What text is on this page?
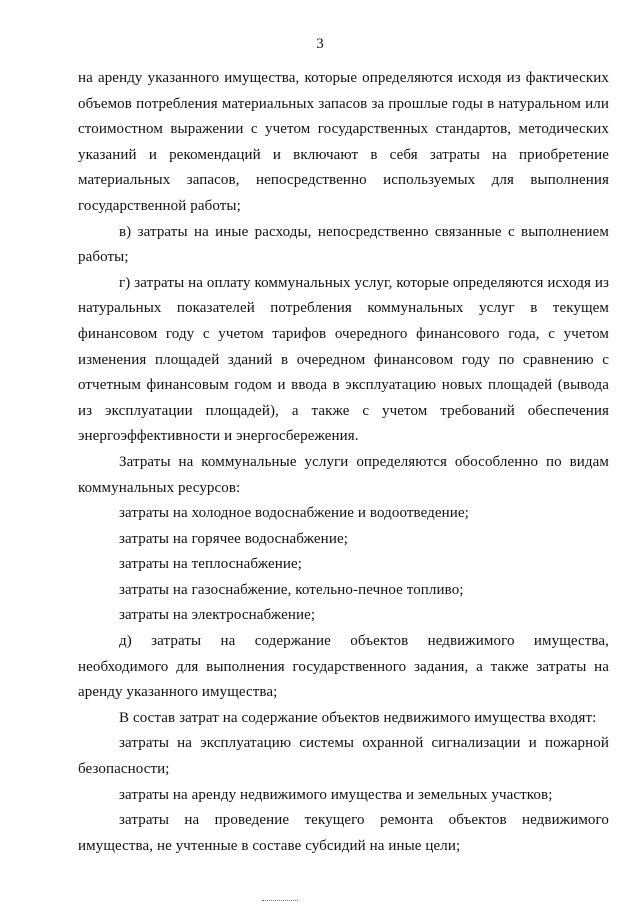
3

на аренду указанного имущества, которые определяются исходя из фактических объемов потребления материальных запасов за прошлые годы в натуральном или стоимостном выражении с учетом государственных стандартов, методических указаний и рекомендаций и включают в себя затраты на приобретение материальных запасов, непосредственно используемых для выполнения государственной работы;

в) затраты на иные расходы, непосредственно связанные с выполнением работы;

г) затраты на оплату коммунальных услуг, которые определяются исходя из натуральных показателей потребления коммунальных услуг в текущем финансовом году с учетом тарифов очередного финансового года, с учетом изменения площадей зданий в очередном финансовом году по сравнению с отчетным финансовым годом и ввода в эксплуатацию новых площадей (вывода из эксплуатации площадей), а также с учетом требований обеспечения энергоэффективности и энергосбережения.

Затраты на коммунальные услуги определяются обособленно по видам коммунальных ресурсов:

затраты на холодное водоснабжение и водоотведение;

затраты на горячее водоснабжение;

затраты на теплоснабжение;

затраты на газоснабжение, котельно-печное топливо;

затраты на электроснабжение;

д) затраты на содержание объектов недвижимого имущества, необходимого для выполнения государственного задания, а также затраты на аренду указанного имущества;

В состав затрат на содержание объектов недвижимого имущества входят:

затраты на эксплуатацию системы охранной сигнализации и пожарной безопасности;

затраты на аренду недвижимого имущества и земельных участков;

затраты на проведение текущего ремонта объектов недвижимого имущества, не учтенные в составе субсидий на иные цели;
